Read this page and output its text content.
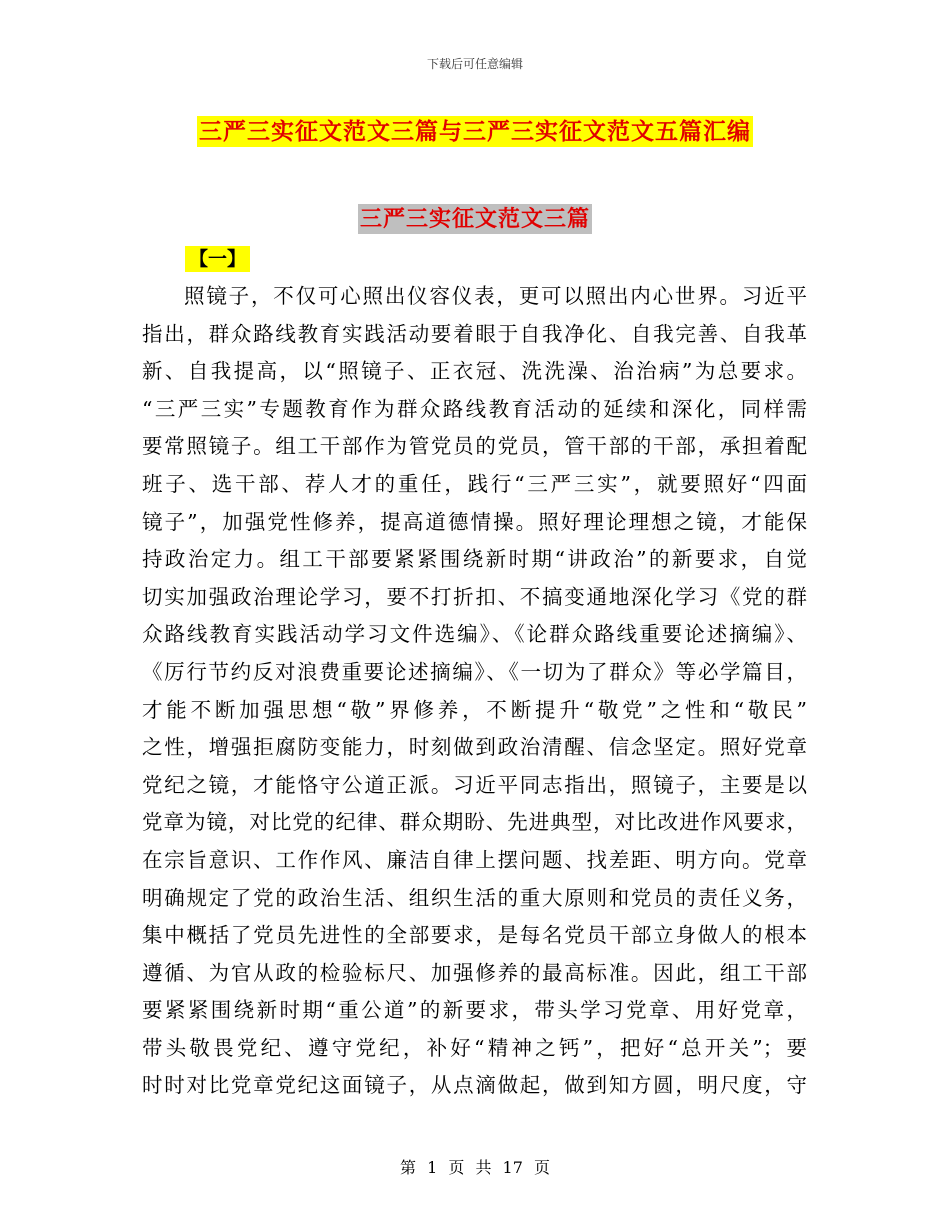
下载后可任意编辑
三严三实征文范文三篇与三严三实征文范文五篇汇编
三严三实征文范文三篇
【一】
照镜子，不仅可心照出仪容仪表，更可以照出内心世界。习近平
指出，群众路线教育实践活动要着眼于自我净化、自我完善、自我革
新、自我提高，以“照镜子、正衣冠、洗洗澡、治治病”为总要求。
“三严三实”专题教育作为群众路线教育活动的延续和深化，同样需
要常照镜子。组工干部作为管党员的党员，管干部的干部，承担着配
班子、选干部、荐人才的重任，践行“三严三实”，就要照好“四面
镜子”，加强党性修养，提高道德情操。照好理论理想之镜，才能保
持政治定力。组工干部要紧紧围绕新时期“讲政治”的新要求，自觉
切实加强政治理论学习，要不打折扣、不搞变通地深化学习《党的群
众路线教育实践活动学习文件选编》、《论群众路线重要论述摘编》、
《厉行节约反对浪费重要论述摘编》、《一切为了群众》等必学篇目，
才能不断加强思想“敬”界修养，不断提升“敬党”之性和“敬民”
之性，增强拒腐防变能力，时刻做到政治清醒、信念坚定。照好党章
党纪之镜，才能恪守公道正派。习近平同志指出，照镜子，主要是以
党章为镜，对比党的纪律、群众期盼、先进典型，对比改进作风要求，
在宗旨意识、工作作风、廉洁自律上摆问题、找差距、明方向。党章
明确规定了党的政治生活、组织生活的重大原则和党员的责任义务，
集中概括了党员先进性的全部要求，是每名党员干部立身做人的根本
遵循、为官从政的检验标尺、加强修养的最高标准。因此，组工干部
要紧紧围绕新时期“重公道”的新要求，带头学习党章、用好党章，
带头敬畏党纪、遵守党纪，补好“精神之钙”，把好“总开关”；要
时时对比党章党纪这面镜子，从点滴做起，做到知方圆，明尺度，守
第 1 页 共 17 页
